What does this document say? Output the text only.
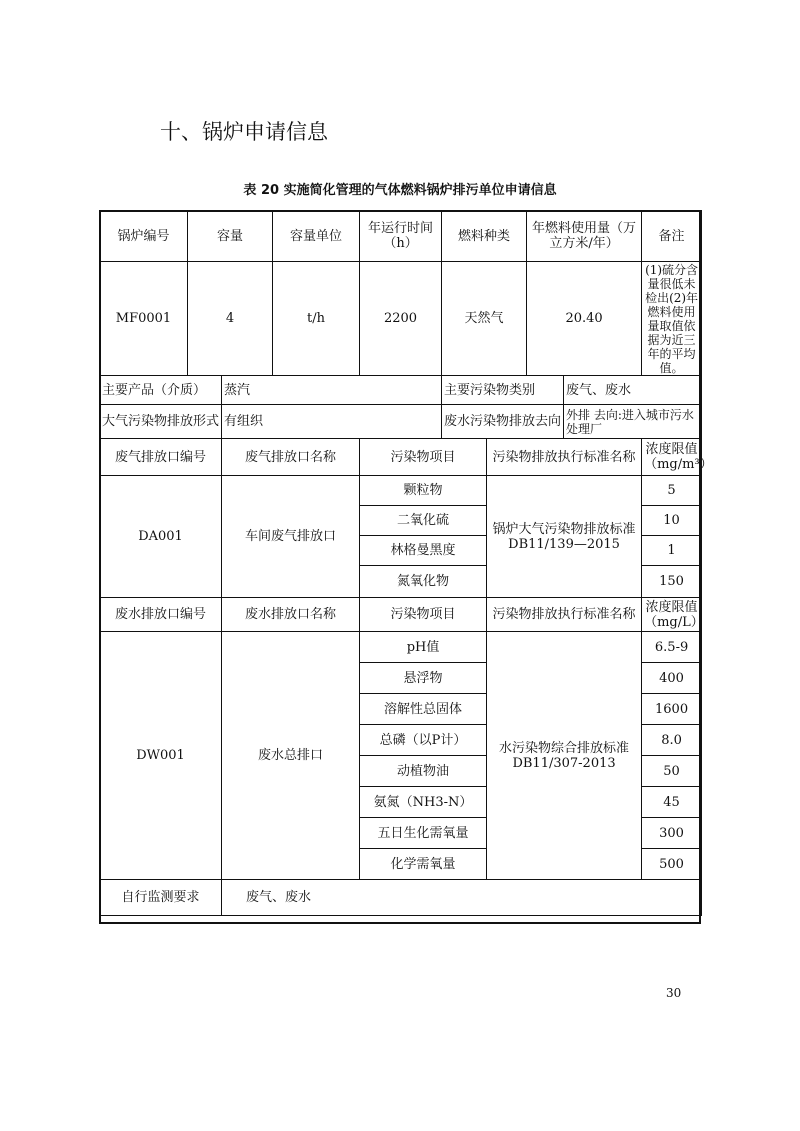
十、锅炉申请信息
表 20 实施简化管理的气体燃料锅炉排污单位申请信息
锅炉编号	容量		容量单位	年运行时间（h）	燃料种类		年燃料使用量（万立方米/年）		备注
MF0001	4		t/h	2200	天然气		20.40		(1)硫分含量很低未检出(2)年燃料使用量取值依据为近三年的平均值。
主要产品（介质）		蒸汽			主要污染物类别			废气、废水	
大气污染物排放形式		有组织			废水污染物排放去向			外排 去向:进入城市污水处理厂	
废气排放口编号		废气排放口名称		污染物项目		污染物排放执行标准名称			浓度限值（mg/m³）
DA001		车间废气排放口		颗粒物		锅炉大气污染物排放标准DB11/139—2015			5
				二氧化硫					10
				林格曼黑度					1
				氮氧化物					150
废水排放口编号		废水排放口名称		污染物项目		污染物排放执行标准名称			浓度限值（mg/L）
DW001		废水总排口		pH值		水污染物综合排放标准DB11/307-2013			6.5-9
				悬浮物					400
				溶解性总固体					1600
				总磷（以P计）					8.0
				动植物油					50
				氨氮（NH3-N）					45
				五日生化需氧量					300
				化学需氧量					500
自行监测要求		废气、废水							
30
